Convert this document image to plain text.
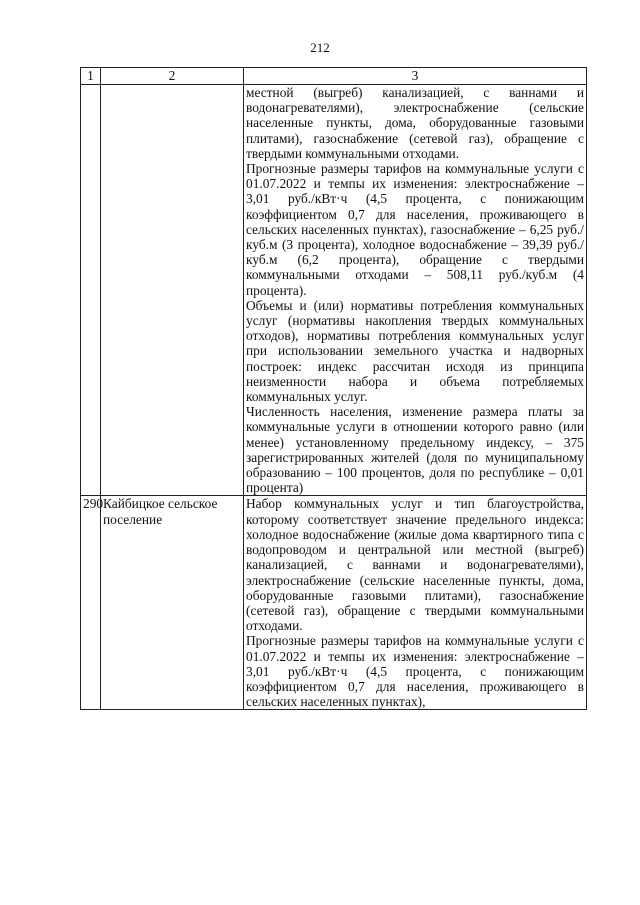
212
1	2	3

		местной (выгреб) канализацией, с ваннами и водонагревателями), электроснабжение (сельские населенные пункты, дома, оборудованные газовыми плитами), газоснабжение (сетевой газ), обращение с твердыми коммунальными отходами.

Прогнозные размеры тарифов на коммунальные услуги с 01.07.2022 и темпы их изменения: электроснабжение – 3,01 руб./кВт·ч (4,5 процента, с понижающим коэффициентом 0,7 для населения, проживающего в сельских населенных пунктах), газоснабжение – 6,25 руб./куб.м (3 процента), холодное водоснабжение – 39,39 руб./куб.м (6,2 процента), обращение с твердыми коммунальными отходами – 508,11 руб./куб.м (4 процента).

Объемы и (или) нормативы потребления коммунальных услуг (нормативы накопления твердых коммунальных отходов), нормативы потребления коммунальных услуг при использовании земельного участка и надворных построек: индекс рассчитан исходя из принципа неизменности набора и объема потребляемых коммунальных услуг.

Численность населения, изменение размера платы за коммунальные услуги в отношении которого равно (или менее) установленному предельному индексу, – 375 зарегистрированных жителей (доля по муниципальному образованию – 100 процентов, доля по республике – 0,01 процента)

290	Кайбицкое сельское поселение	Набор коммунальных услуг и тип благоустройства, которому соответствует значение предельного индекса: холодное водоснабжение (жилые дома квартирного типа с водопроводом и центральной или местной (выгреб) канализацией, с ваннами и водонагревателями), электроснабжение (сельские населенные пункты, дома, оборудованные газовыми плитами), газоснабжение (сетевой газ), обращение с твердыми коммунальными отходами.

Прогнозные размеры тарифов на коммунальные услуги с 01.07.2022 и темпы их изменения: электроснабжение – 3,01 руб./кВт·ч (4,5 процента, с понижающим коэффициентом 0,7 для населения, проживающего в сельских населенных пунктах),
